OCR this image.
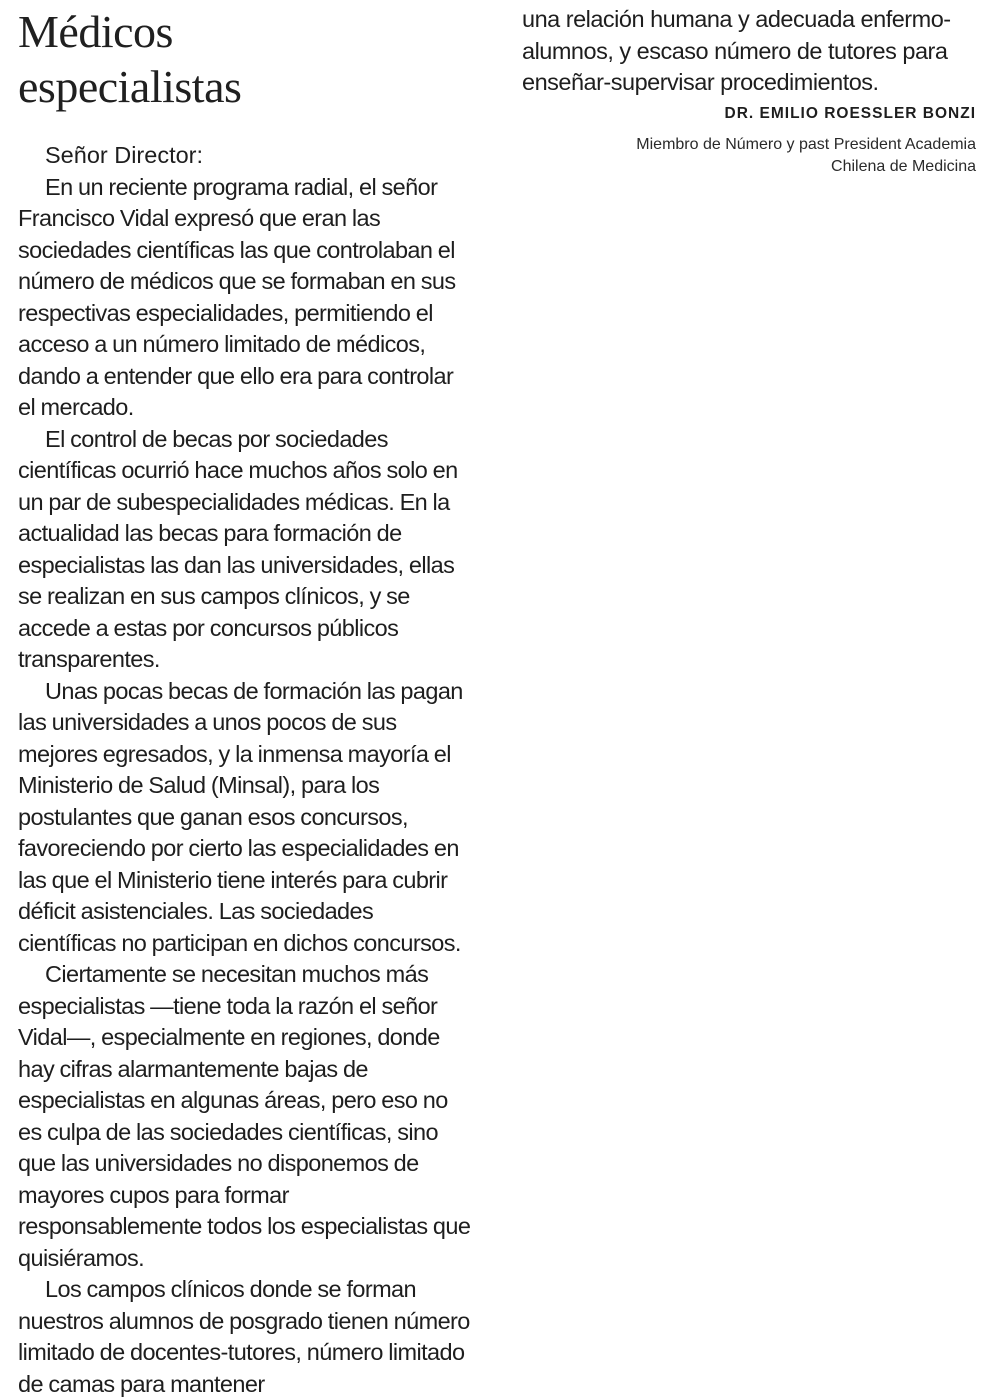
Médicos
especialistas

Señor Director:

En un reciente programa radial, el señor Francisco Vidal expresó que eran las sociedades científicas las que controlaban el número de médicos que se formaban en sus respectivas especialidades, permitiendo el acceso a un número limitado de médicos, dando a entender que ello era para controlar el mercado.

El control de becas por sociedades científicas ocurrió hace muchos años solo en un par de subespecialidades médicas. En la actualidad las becas para formación de especialistas las dan las universidades, ellas se realizan en sus campos clínicos, y se accede a estas por concursos públicos transparentes.

Unas pocas becas de formación las pagan las universidades a unos pocos de sus mejores egresados, y la inmensa mayoría el Ministerio de Salud (Minsal), para los postulantes que ganan esos concursos, favoreciendo por cierto las especialidades en las que el Ministerio tiene interés para cubrir déficit asistenciales. Las sociedades científicas no participan en dichos concursos.

Ciertamente se necesitan muchos más especialistas —tiene toda la razón el señor Vidal—, especialmente en regiones, donde hay cifras alarmantemente bajas de especialistas en algunas áreas, pero eso no es culpa de las sociedades científicas, sino que las universidades no disponemos de mayores cupos para formar responsablemente todos los especialistas que quisiéramos.

Los campos clínicos donde se forman nuestros alumnos de posgrado tienen número limitado de docentes-tutores, número limitado de camas para mantener

una relación humana y adecuada enfermo-alumnos, y escaso número de tutores para enseñar-supervisar procedimientos.

DR. EMILIO ROESSLER BONZI
Miembro de Número y past President Academia
Chilena de Medicina
